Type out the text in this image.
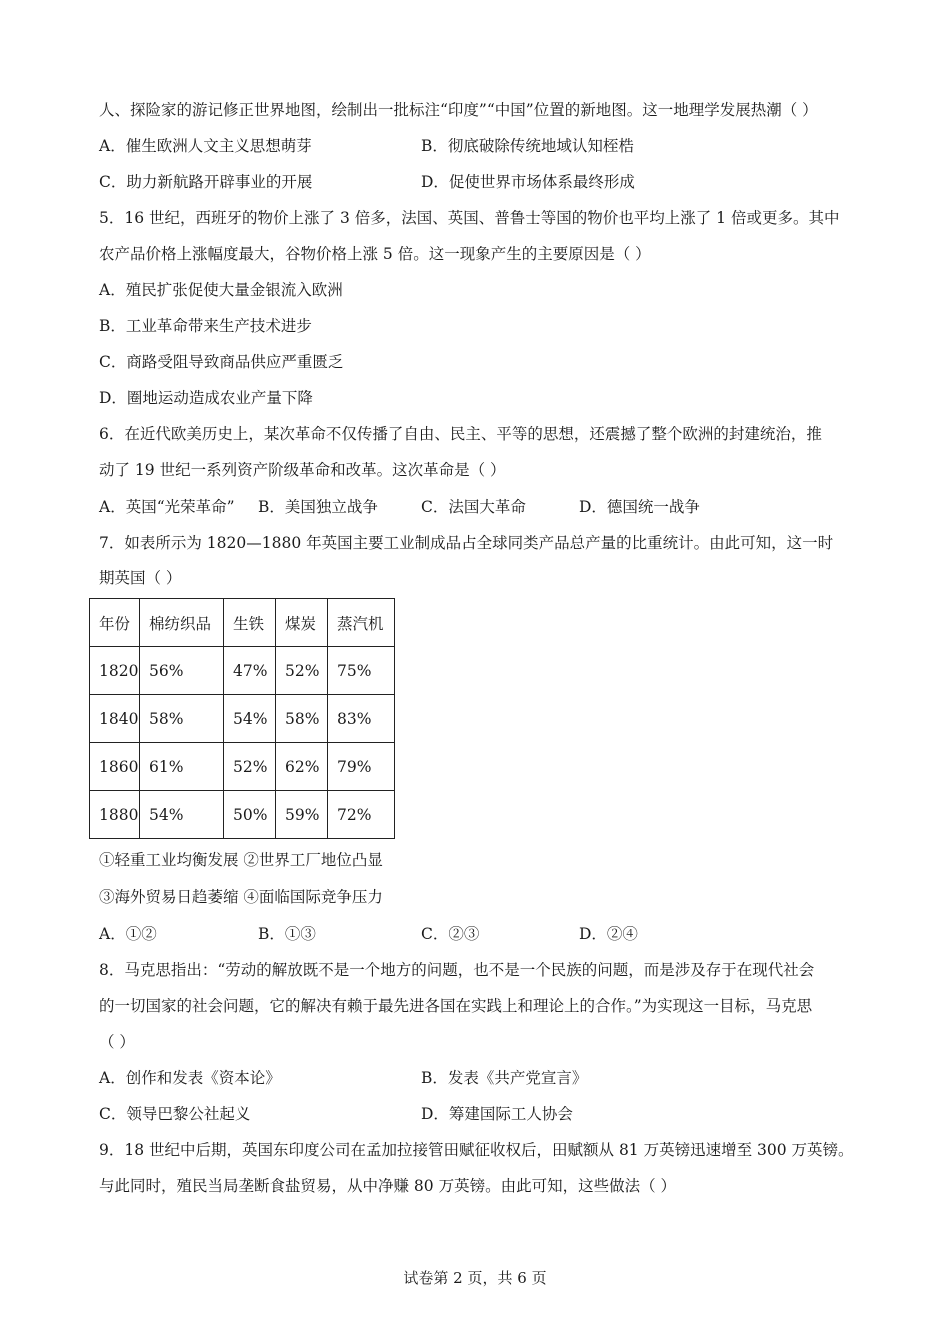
人、探险家的游记修正世界地图，绘制出一批标注“印度”“中国”位置的新地图。这一地理学发展热潮（ ）
A．催生欧洲人文主义思想萌芽	B．彻底破除传统地域认知桎梏
C．助力新航路开辟事业的开展	D．促使世界市场体系最终形成
5．16 世纪，西班牙的物价上涨了 3 倍多，法国、英国、普鲁士等国的物价也平均上涨了 1 倍或更多。其中
农产品价格上涨幅度最大，谷物价格上涨 5 倍。这一现象产生的主要原因是（ ）
A．殖民扩张促使大量金银流入欧洲
B．工业革命带来生产技术进步
C．商路受阻导致商品供应严重匮乏
D．圈地运动造成农业产量下降
6．在近代欧美历史上，某次革命不仅传播了自由、民主、平等的思想，还震撼了整个欧洲的封建统治，推
动了 19 世纪一系列资产阶级革命和改革。这次革命是（ ）
A．英国“光荣革命” B．美国独立战争	C．法国大革命	D．德国统一战争
7．如表所示为 1820—1880 年英国主要工业制成品占全球同类产品总产量的比重统计。由此可知，这一时
期英国（ ）
年份	棉纺织品	生铁	煤炭	蒸汽机
1820	56%	47%	52%	75%
1840	58%	54%	58%	83%
1860	61%	52%	62%	79%
1880	54%	50%	59%	72%
①轻重工业均衡发展 ②世界工厂地位凸显
③海外贸易日趋萎缩 ④面临国际竞争压力
A．①②	B．①③	C．②③	D．②④
8．马克思指出：“劳动的解放既不是一个地方的问题，也不是一个民族的问题，而是涉及存于在现代社会
的一切国家的社会问题，它的解决有赖于最先进各国在实践上和理论上的合作。”为实现这一目标，马克思
（ ）
A．创作和发表《资本论》	B．发表《共产党宣言》
C．领导巴黎公社起义	D．筹建国际工人协会
9．18 世纪中后期，英国东印度公司在孟加拉接管田赋征收权后，田赋额从 81 万英镑迅速增至 300 万英镑。
与此同时，殖民当局垄断食盐贸易，从中净赚 80 万英镑。由此可知，这些做法（ ）
试卷第 2 页，共 6 页
